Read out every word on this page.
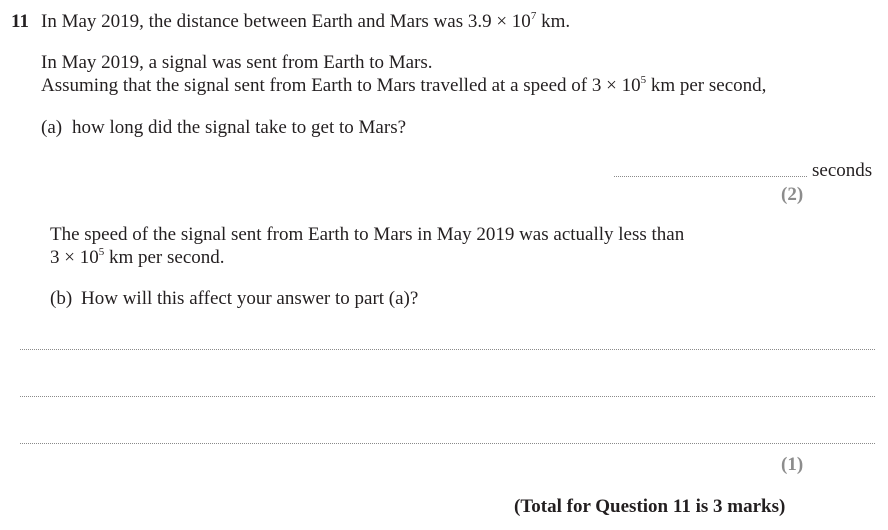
11 In May 2019, the distance between Earth and Mars was $3.9 \times 10^7$ km.
In May 2019, a signal was sent from Earth to Mars.
Assuming that the signal sent from Earth to Mars travelled at a speed of $3 \times 10^5$ km per second,
(a) how long did the signal take to get to Mars?
seconds
(2)
The speed of the signal sent from Earth to Mars in May 2019 was actually less than
$3 \times 10^5$ km per second.
(b) How will this affect your answer to part (a)?
(1)
(Total for Question 11 is 3 marks)
